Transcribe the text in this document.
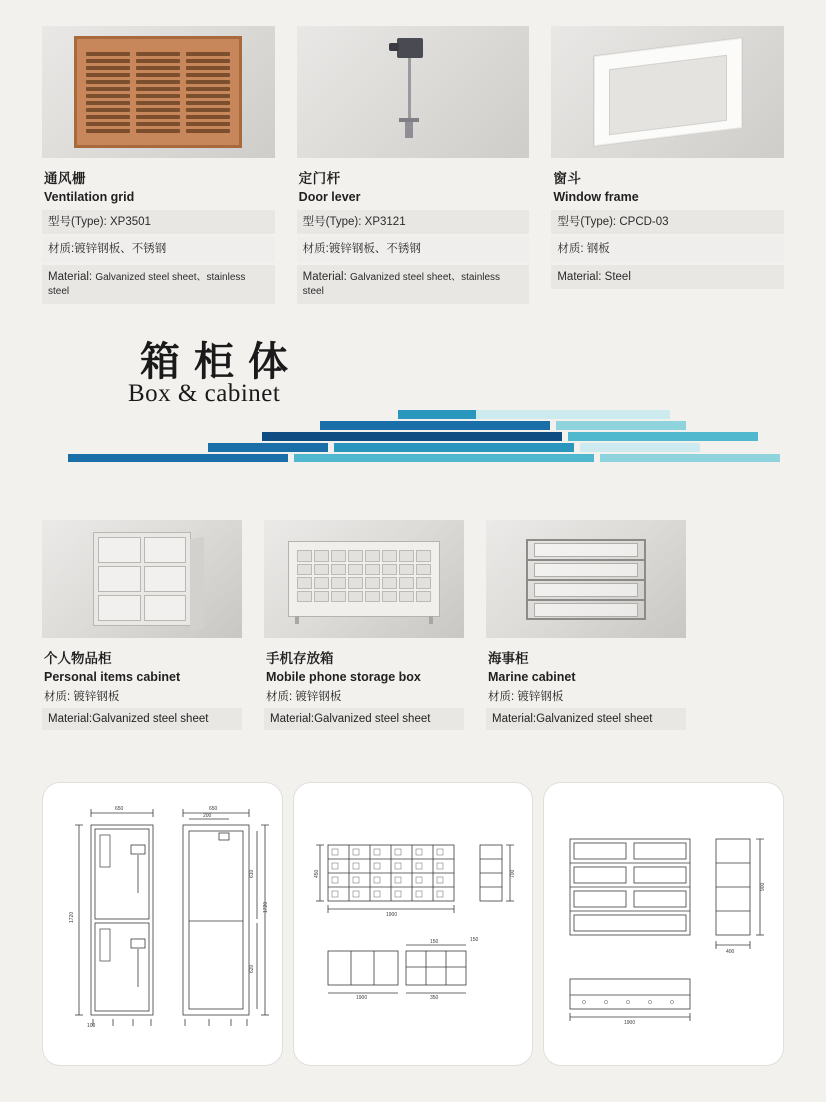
通风栅
Ventilation grid
型号(Type): XP3501
材质:镀锌钢板、不锈钢
Material: Galvanized steel sheet、stainless steel
定门杆
Door lever
型号(Type): XP3121
材质:镀锌钢板、不锈钢
Material: Galvanized steel sheet、stainless steel
窗斗
Window frame
型号(Type): CPCD-03
材质: 钢板
Material: Steel
箱柜体
Box & cabinet
个人物品柜
Personal items cabinet
材质: 镀锌钢板
Material:Galvanized steel sheet
手机存放箱
Mobile phone storage box
材质: 镀锌钢板
Material:Galvanized steel sheet
海事柜
Marine cabinet
材质: 镀锌钢板
Material:Galvanized steel sheet
650	650
200
1720
610
620
1720
100
1900
700
450
1900	350
150	150
1900
900
400
